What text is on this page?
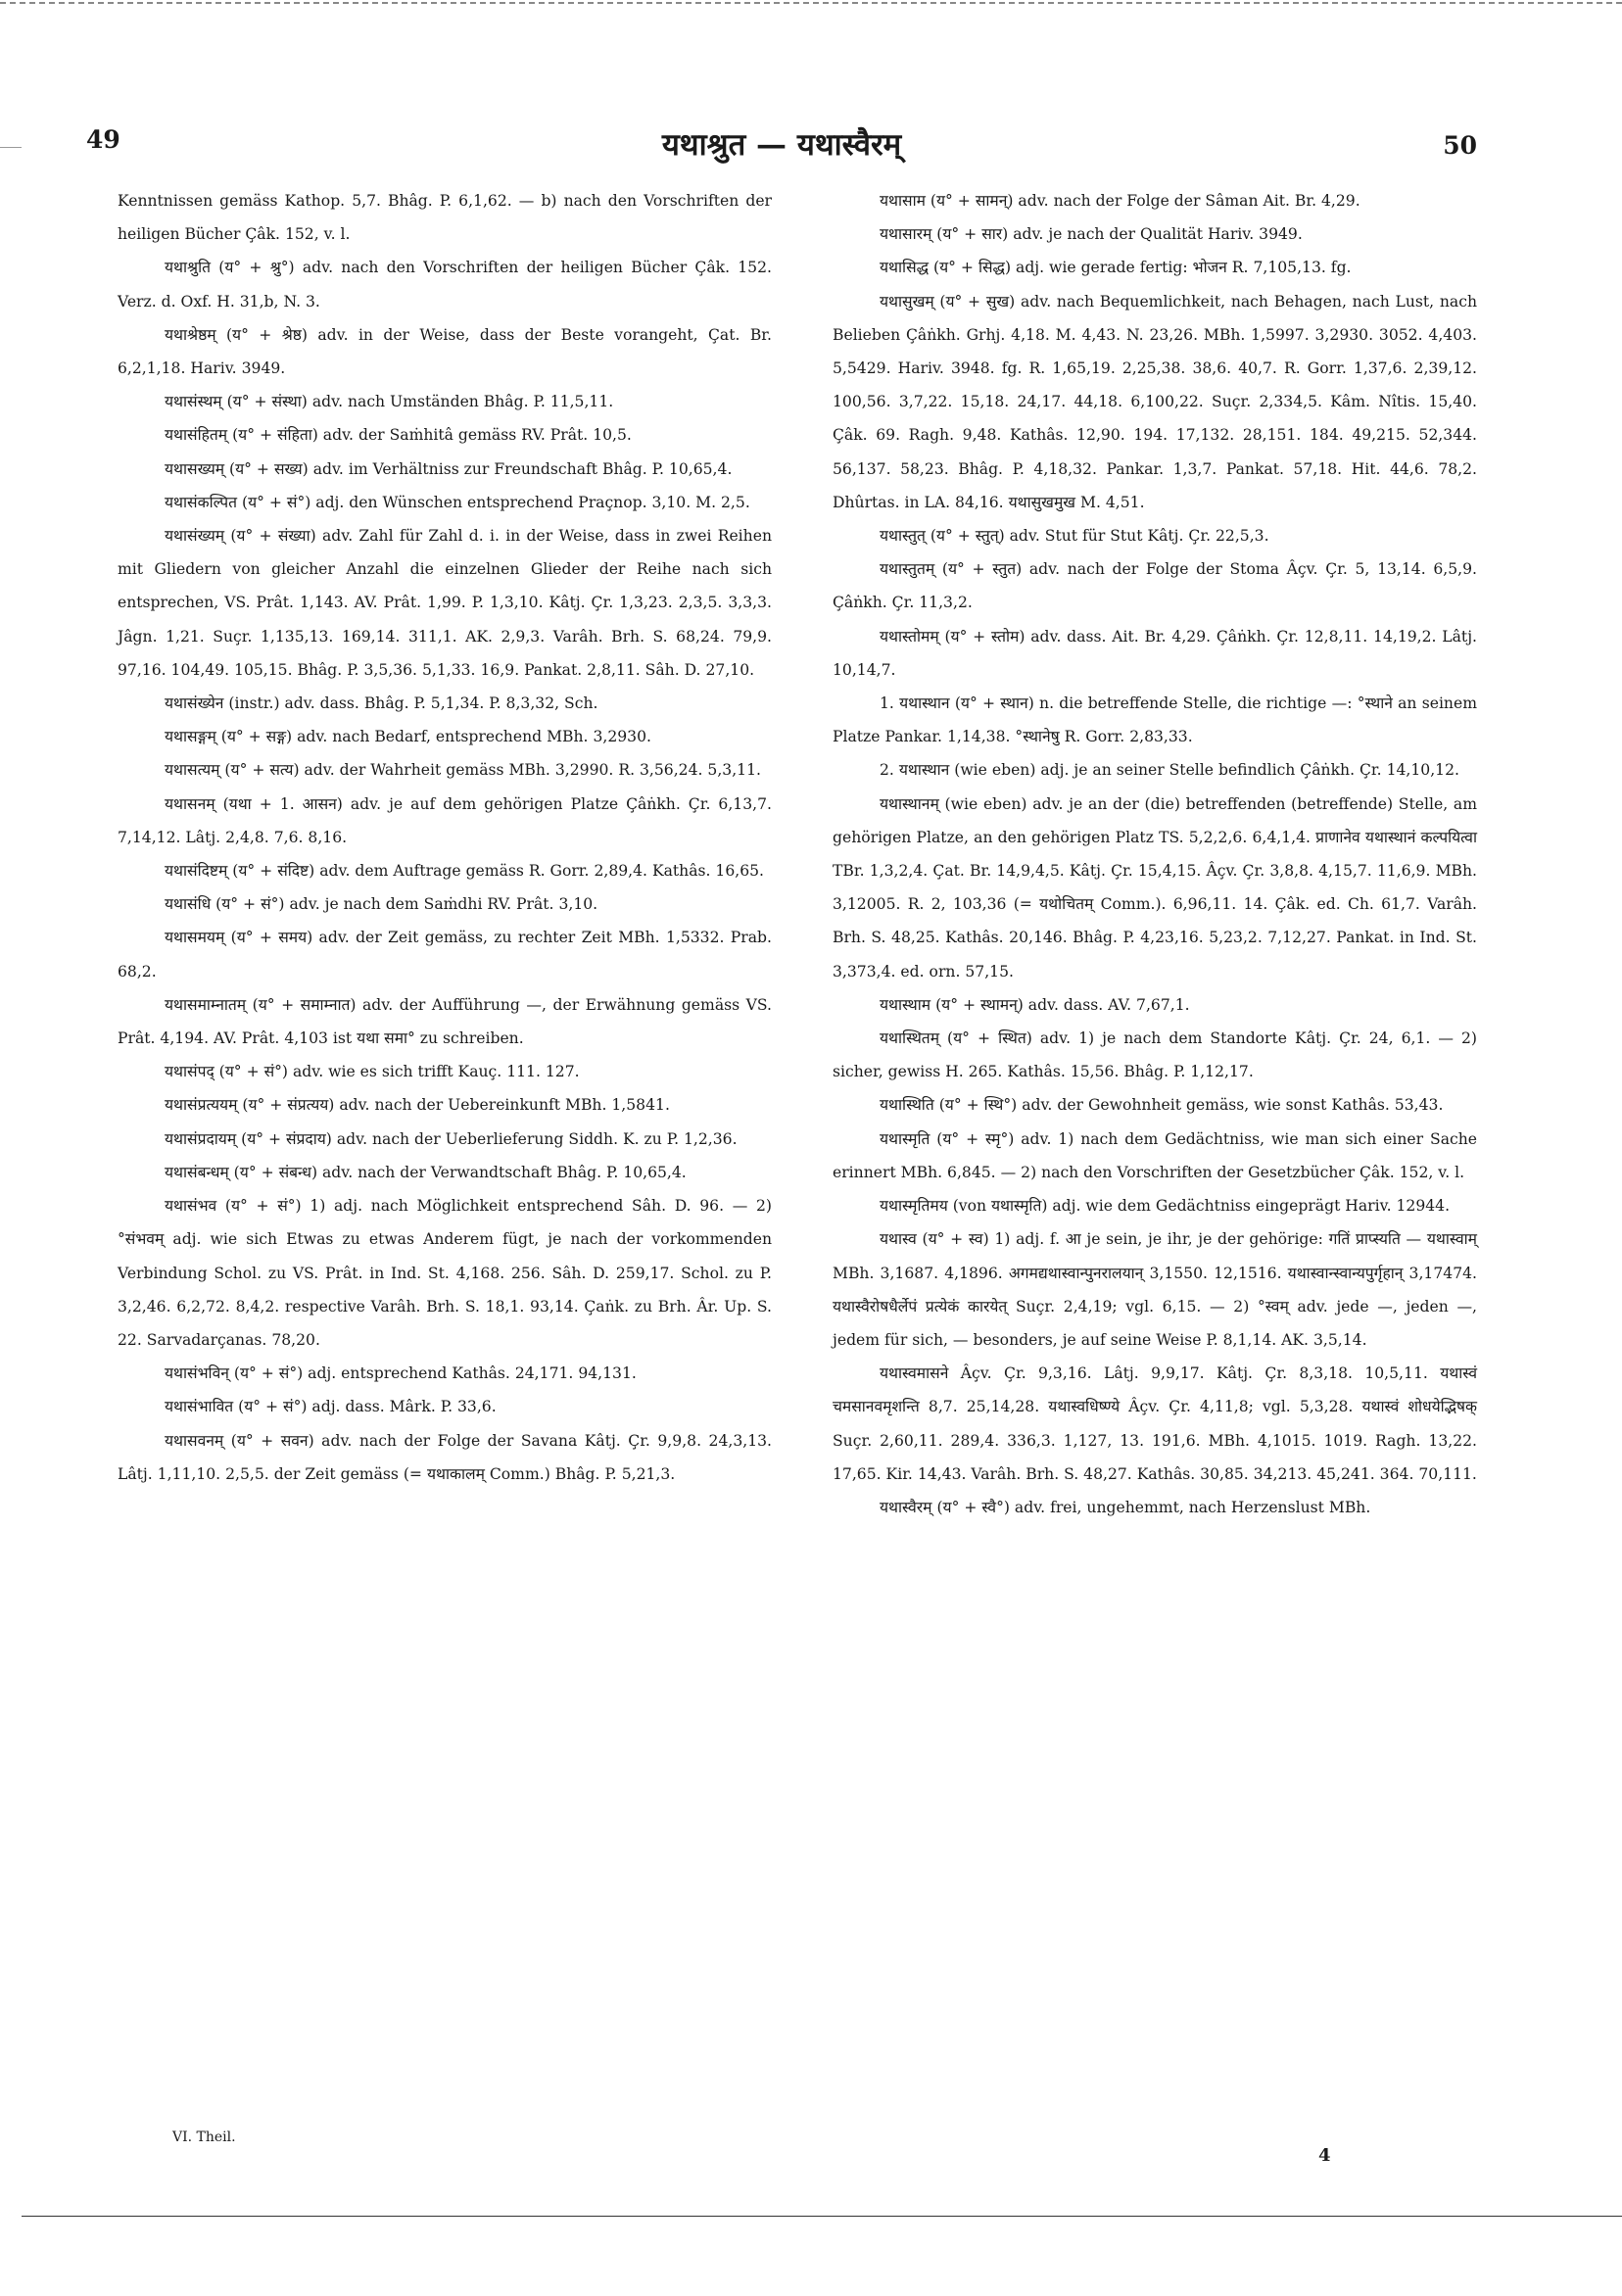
49	यथाश्रुत — यथास्वैरम्	50

Kenntnissen gemäss Kathop. 5,7. Bhâg. P. 6,1,62. — b) nach den Vorschriften der heiligen Bücher Çâk. 152, v. l.

यथाश्रुति (य° + श्रु°) adv. nach den Vorschriften der heiligen Bücher Çâk. 152. Verz. d. Oxf. H. 31,b, N. 3.

यथाश्रेष्ठम् (य° + श्रेष्ठ) adv. in der Weise, dass der Beste vorangeht, Çat. Br. 6,2,1,18. Hariv. 3949.

यथासंस्थम् (य° + संस्था) adv. nach Umständen Bhâg. P. 11,5,11.

यथासंहितम् (य° + संहिता) adv. der Saṁhitâ gemäss RV. Prât. 10,5.

यथासख्यम् (य° + सख्य) adv. im Verhältniss zur Freundschaft Bhâg. P. 10,65,4.

यथासंकल्पित (य° + सं°) adj. den Wünschen entsprechend Praçnop. 3,10. M. 2,5.

यथासंख्यम् (य° + संख्या) adv. Zahl für Zahl d. i. in der Weise, dass in zwei Reihen mit Gliedern von gleicher Anzahl die einzelnen Glieder der Reihe nach sich entsprechen, VS. Prât. 1,143. AV. Prât. 1,99. P. 1,3,10. Kâtj. Çr. 1,3,23. 2,3,5. 3,3,3. Jâgn. 1,21. Suçr. 1,135,13. 169,14. 311,1. AK. 2,9,3. Varâh. Brh. S. 68,24. 79,9. 97,16. 104,49. 105,15. Bhâg. P. 3,5,36. 5,1,33. 16,9. Pankat. 2,8,11. Sâh. D. 27,10.

यथासंख्येन (instr.) adv. dass. Bhâg. P. 5,1,34. P. 8,3,32, Sch.

यथासङ्गम् (य° + सङ्ग) adv. nach Bedarf, entsprechend MBh. 3,2930.

यथासत्यम् (य° + सत्य) adv. der Wahrheit gemäss MBh. 3,2990. R. 3,56,24. 5,3,11.

यथासनम् (यथा + 1. आसन) adv. je auf dem gehörigen Platze Çâṅkh. Çr. 6,13,7. 7,14,12. Lâtj. 2,4,8. 7,6. 8,16.

यथासंदिष्टम् (य° + संदिष्ट) adv. dem Auftrage gemäss R. Gorr. 2,89,4. Kathâs. 16,65.

यथासंधि (य° + सं°) adv. je nach dem Saṁdhi RV. Prât. 3,10.

यथासमयम् (य° + समय) adv. der Zeit gemäss, zu rechter Zeit MBh. 1,5332. Prab. 68,2.

यथासमाम्नातम् (य° + समाम्नात) adv. der Aufführung —, der Erwähnung gemäss VS. Prât. 4,194. AV. Prât. 4,103 ist यथा समा° zu schreiben.

यथासंपद् (य° + सं°) adv. wie es sich trifft Kauç. 111. 127.

यथासंप्रत्ययम् (य° + संप्रत्यय) adv. nach der Uebereinkunft MBh. 1,5841.

यथासंप्रदायम् (य° + संप्रदाय) adv. nach der Ueberlieferung Siddh. K. zu P. 1,2,36.

यथासंबन्धम् (य° + संबन्ध) adv. nach der Verwandtschaft Bhâg. P. 10,65,4.

यथासंभव (य° + सं°) 1) adj. nach Möglichkeit entsprechend Sâh. D. 96. — 2) °संभवम् adj. wie sich Etwas zu etwas Anderem fügt, je nach der vorkommenden Verbindung Schol. zu VS. Prât. in Ind. St. 4,168. 256. Sâh. D. 259,17. Schol. zu P. 3,2,46. 6,2,72. 8,4,2. respective Varâh. Brh. S. 18,1. 93,14. Çaṅk. zu Brh. Âr. Up. S. 22. Sarvadarçanas. 78,20.

यथासंभविन् (य° + सं°) adj. entsprechend Kathâs. 24,171. 94,131.

यथासंभावित (य° + सं°) adj. dass. Mârk. P. 33,6.

यथासवनम् (य° + सवन) adv. nach der Folge der Savana Kâtj. Çr. 9,9,8. 24,3,13. Lâtj. 1,11,10. 2,5,5. der Zeit gemäss (= यथाकालम् Comm.) Bhâg. P. 5,21,3.

यथासाम (य° + सामन्) adv. nach der Folge der Sâman Ait. Br. 4,29.

यथासारम् (य° + सार) adv. je nach der Qualität Hariv. 3949.

यथासिद्ध (य° + सिद्ध) adj. wie gerade fertig: भोजन R. 7,105,13. fg.

यथासुखम् (य° + सुख) adv. nach Bequemlichkeit, nach Behagen, nach Lust, nach Belieben Çâṅkh. Grhj. 4,18. M. 4,43. N. 23,26. MBh. 1,5997. 3,2930. 3052. 4,403. 5,5429. Hariv. 3948. fg. R. 1,65,19. 2,25,38. 38,6. 40,7. R. Gorr. 1,37,6. 2,39,12. 100,56. 3,7,22. 15,18. 24,17. 44,18. 6,100,22. Suçr. 2,334,5. Kâm. Nîtis. 15,40. Çâk. 69. Ragh. 9,48. Kathâs. 12,90. 194. 17,132. 28,151. 184. 49,215. 52,344. 56,137. 58,23. Bhâg. P. 4,18,32. Pankar. 1,3,7. Pankat. 57,18. Hit. 44,6. 78,2. Dhûrtas. in LA. 84,16. यथासुखमुख M. 4,51.

यथास्तुत् (य° + स्तुत्) adv. Stut für Stut Kâtj. Çr. 22,5,3.

यथास्तुतम् (य° + स्तुत) adv. nach der Folge der Stoma Âçv. Çr. 5, 13,14. 6,5,9. Çâṅkh. Çr. 11,3,2.

यथास्तोमम् (य° + स्तोम) adv. dass. Ait. Br. 4,29. Çâṅkh. Çr. 12,8,11. 14,19,2. Lâtj. 10,14,7.

1. यथास्थान (य° + स्थान) n. die betreffende Stelle, die richtige —: °स्थाने an seinem Platze Pankar. 1,14,38. °स्थानेषु R. Gorr. 2,83,33.

2. यथास्थान (wie eben) adj. je an seiner Stelle befindlich Çâṅkh. Çr. 14,10,12.

यथास्थानम् (wie eben) adv. je an der (die) betreffenden (betreffende) Stelle, am gehörigen Platze, an den gehörigen Platz TS. 5,2,2,6. 6,4,1,4. प्राणानेव यथास्थानं कल्पयित्वा TBr. 1,3,2,4. Çat. Br. 14,9,4,5. Kâtj. Çr. 15,4,15. Âçv. Çr. 3,8,8. 4,15,7. 11,6,9. MBh. 3,12005. R. 2, 103,36 (= यथोचितम् Comm.). 6,96,11. 14. Çâk. ed. Ch. 61,7. Varâh. Brh. S. 48,25. Kathâs. 20,146. Bhâg. P. 4,23,16. 5,23,2. 7,12,27. Pankat. in Ind. St. 3,373,4. ed. orn. 57,15.

यथास्थाम (य° + स्थामन्) adv. dass. AV. 7,67,1.

यथास्थितम् (य° + स्थित) adv. 1) je nach dem Standorte Kâtj. Çr. 24, 6,1. — 2) sicher, gewiss H. 265. Kathâs. 15,56. Bhâg. P. 1,12,17.

यथास्थिति (य° + स्थि°) adv. der Gewohnheit gemäss, wie sonst Kathâs. 53,43.

यथास्मृति (य° + स्मृ°) adv. 1) nach dem Gedächtniss, wie man sich einer Sache erinnert MBh. 6,845. — 2) nach den Vorschriften der Gesetzbücher Çâk. 152, v. l.

यथास्मृतिमय (von यथास्मृति) adj. wie dem Gedächtniss eingeprägt Hariv. 12944.

यथास्व (य° + स्व) 1) adj. f. आ je sein, je ihr, je der gehörige: गतिं प्राप्स्यति — यथास्वाम् MBh. 3,1687. 4,1896. अगमद्यथास्वान्पुनरालयान् 3,1550. 12,1516. यथास्वान्स्वान्यपुर्गृहान् 3,17474. यथास्वैरोषधैर्लेपं प्रत्येकं कारयेत् Suçr. 2,4,19; vgl. 6,15. — 2) °स्वम् adv. jede —, jeden —, jedem für sich, — besonders, je auf seine Weise P. 8,1,14. AK. 3,5,14.

यथास्वमासने Âçv. Çr. 9,3,16. Lâtj. 9,9,17. Kâtj. Çr. 8,3,18. 10,5,11. यथास्वं चमसानवमृशन्ति 8,7. 25,14,28. यथास्वधिष्ण्ये Âçv. Çr. 4,11,8; vgl. 5,3,28. यथास्वं शोधयेद्भिषक् Suçr. 2,60,11. 289,4. 336,3. 1,127, 13. 191,6. MBh. 4,1015. 1019. Ragh. 13,22. 17,65. Kir. 14,43. Varâh. Brh. S. 48,27. Kathâs. 30,85. 34,213. 45,241. 364. 70,111.

यथास्वैरम् (य° + स्वै°) adv. frei, ungehemmt, nach Herzenslust MBh.

VI. Theil.
4
